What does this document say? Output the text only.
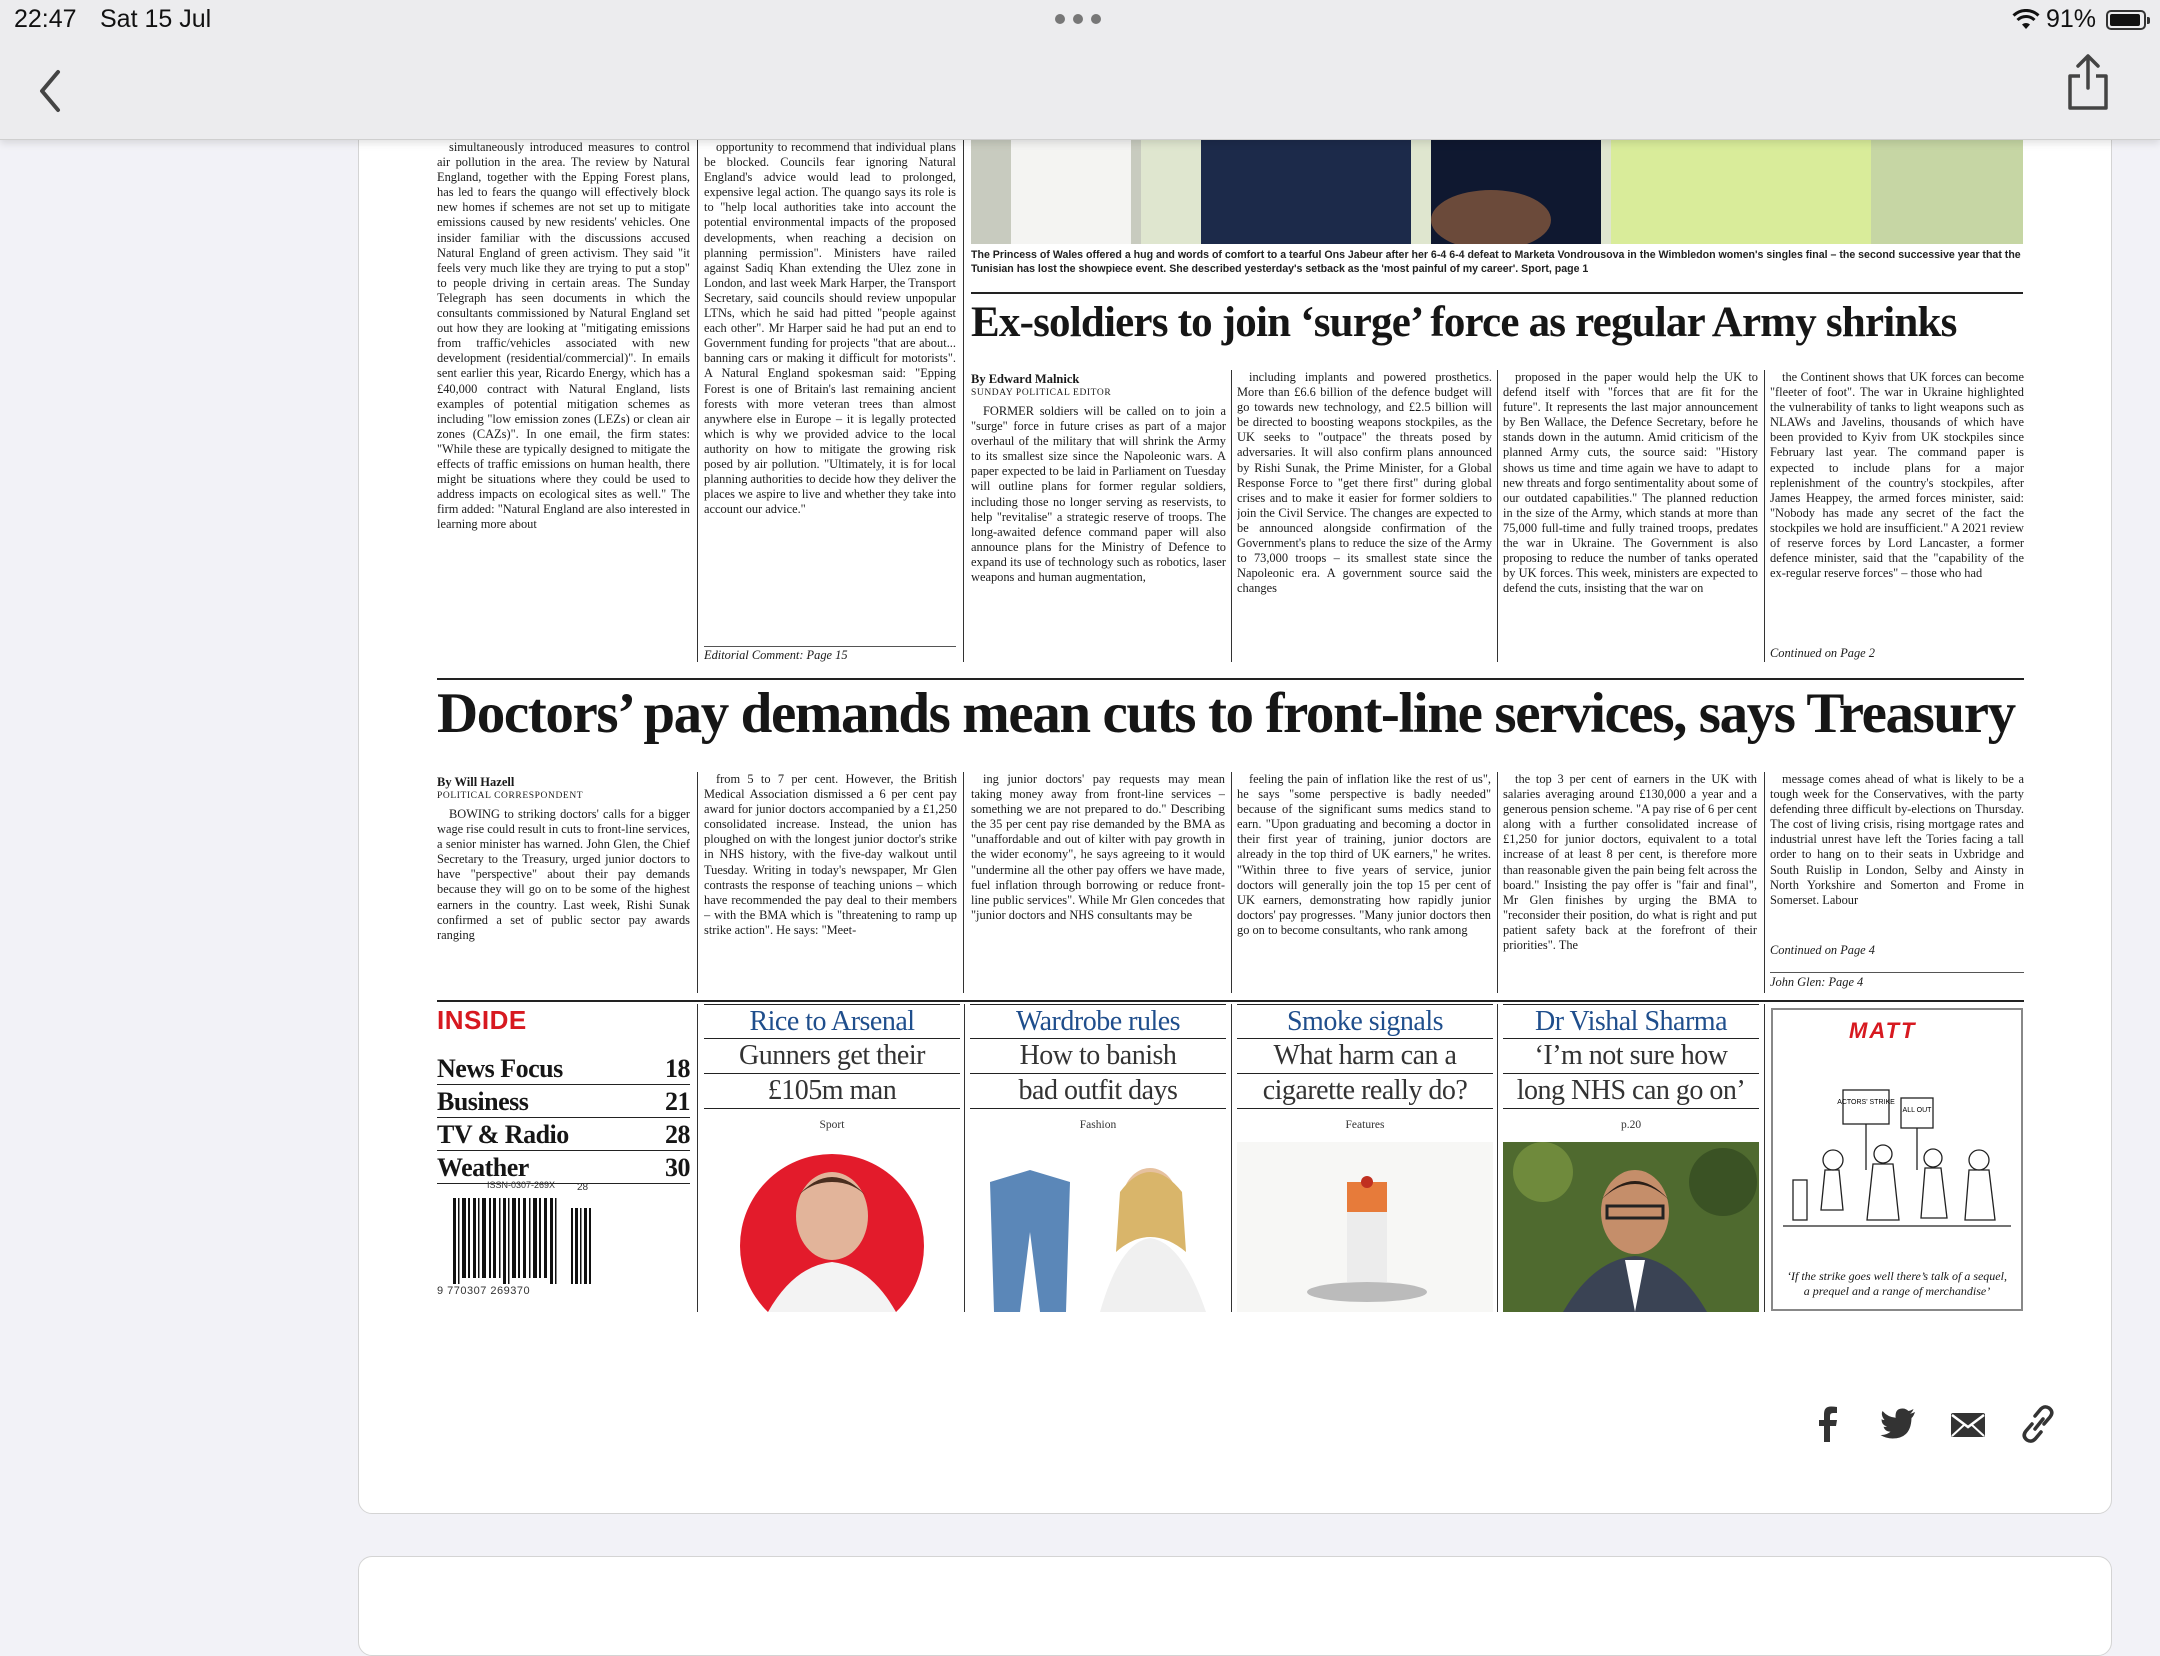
22:47 Sat 15 Jul	91%

simultaneously introduced measures to control air pollution in the area. The review by Natural England, together with the Epping Forest plans, has led to fears the quango will effectively block new homes if schemes are not set up to mitigate emissions caused by new residents' vehicles. One insider familiar with the discussions accused Natural England of green activism. They said "it feels very much like they are trying to put a stop" to people driving in certain areas. The Sunday Telegraph has seen documents in which the consultants commissioned by Natural England set out how they are looking at "mitigating emissions from traffic/vehicles associated with new development (residential/commercial)". In emails sent earlier this year, Ricardo Energy, which has a £40,000 contract with Natural England, lists examples of potential mitigation schemes as including "low emission zones (LEZs) or clean air zones (CAZs)". In one email, the firm states: "While these are typically designed to mitigate the effects of traffic emissions on human health, there might be situations where they could be used to address impacts on ecological sites as well." The firm added: "Natural England are also interested in learning more about

opportunity to recommend that individual plans be blocked. Councils fear ignoring Natural England's advice would lead to prolonged, expensive legal action. The quango says its role is to "help local authorities take into account the potential environmental impacts of the proposed developments, when reaching a decision on planning permission". Ministers have railed against Sadiq Khan extending the Ulez zone in London, and last week Mark Harper, the Transport Secretary, said councils should review unpopular LTNs, which he said had pitted "people against each other". Mr Harper said he had put an end to Government funding for projects "that are about... banning cars or making it difficult for motorists". A Natural England spokesman said: "Epping Forest is one of Britain's last remaining ancient forests with more veteran trees than almost anywhere else in Europe – it is legally protected which is why we provided advice to the local authority on how to mitigate the growing risk posed by air pollution. "Ultimately, it is for local planning authorities to decide how they deliver the places we aspire to live and whether they take into account our advice."

Editorial Comment: Page 15
The Princess of Wales offered a hug and words of comfort to a tearful Ons Jabeur after her 6-4 6-4 defeat to Marketa Vondrousova in the Wimbledon women's singles final – the second successive year that the Tunisian has lost the showpiece event. She described yesterday's setback as the 'most painful of my career'. Sport, page 1
Ex-soldiers to join ‘surge’ force as regular Army shrinks
By Edward Malnick
SUNDAY POLITICAL EDITOR

FORMER soldiers will be called on to join a "surge" force in future crises as part of a major overhaul of the military that will shrink the Army to its smallest size since the Napoleonic wars. A paper expected to be laid in Parliament on Tuesday will outline plans for former regular soldiers, including those no longer serving as reservists, to help "revitalise" a strategic reserve of troops. The long-awaited defence command paper will also announce plans for the Ministry of Defence to expand its use of technology such as robotics, laser weapons and human augmentation,

including implants and powered prosthetics. More than £6.6 billion of the defence budget will go towards new technology, and £2.5 billion will be directed to boosting weapons stockpiles, as the UK seeks to "outpace" the threats posed by adversaries. It will also confirm plans announced by Rishi Sunak, the Prime Minister, for a Global Response Force to "get there first" during global crises and to make it easier for former soldiers to join the Civil Service. The changes are expected to be announced alongside confirmation of the Government's plans to reduce the size of the Army to 73,000 troops – its smallest state since the Napoleonic era. A government source said the changes

proposed in the paper would help the UK to defend itself with "forces that are fit for the future". It represents the last major announcement by Ben Wallace, the Defence Secretary, before he stands down in the autumn. Amid criticism of the planned Army cuts, the source said: "History shows us time and time again we have to adapt to new threats and forgo sentimentality about some of our outdated capabilities." The planned reduction in the size of the Army, which stands at more than 75,000 full-time and fully trained troops, predates the war in Ukraine. The Government is also proposing to reduce the number of tanks operated by UK forces. This week, ministers are expected to defend the cuts, insisting that the war on

the Continent shows that UK forces can become "fleeter of foot". The war in Ukraine highlighted the vulnerability of tanks to light weapons such as NLAWs and Javelins, thousands of which have been provided to Kyiv from UK stockpiles since February last year. The command paper is expected to include plans for a major replenishment of the country's stockpiles, after James Heappey, the armed forces minister, said: "Nobody has made any secret of the fact the stockpiles we hold are insufficient." A 2021 review of reserve forces by Lord Lancaster, a former defence minister, said that the "capability of the ex-regular reserve forces" – those who had

Continued on Page 2
Doctors’ pay demands mean cuts to front-line services, says Treasury
By Will Hazell
POLITICAL CORRESPONDENT

BOWING to striking doctors' calls for a bigger wage rise could result in cuts to front-line services, a senior minister has warned. John Glen, the Chief Secretary to the Treasury, urged junior doctors to have "perspective" about their pay demands because they will go on to be some of the highest earners in the country. Last week, Rishi Sunak confirmed a set of public sector pay awards ranging

from 5 to 7 per cent. However, the British Medical Association dismissed a 6 per cent pay award for junior doctors accompanied by a £1,250 consolidated increase. Instead, the union has ploughed on with the longest junior doctor's strike in NHS history, with the five-day walkout until Tuesday. Writing in today's newspaper, Mr Glen contrasts the response of teaching unions – which have recommended the pay deal to their members – with the BMA which is "threatening to ramp up strike action". He says: "Meet-

ing junior doctors' pay requests may mean taking money away from front-line services – something we are not prepared to do." Describing the 35 per cent pay rise demanded by the BMA as "unaffordable and out of kilter with pay growth in the wider economy", he says agreeing to it would "undermine all the other pay offers we have made, fuel inflation through borrowing or reduce front-line public services". While Mr Glen concedes that "junior doctors and NHS consultants may be

feeling the pain of inflation like the rest of us", he says "some perspective is badly needed" because of the significant sums medics stand to earn. "Upon graduating and becoming a doctor in their first year of training, junior doctors are already in the top third of UK earners," he writes. "Within three to five years of service, junior doctors will generally join the top 15 per cent of UK earners, demonstrating how rapidly junior doctors' pay progresses. "Many junior doctors then go on to become consultants, who rank among

the top 3 per cent of earners in the UK with salaries averaging around £130,000 a year and a generous pension scheme. "A pay rise of 6 per cent along with a further consolidated increase of £1,250 for junior doctors, equivalent to a total increase of at least 8 per cent, is therefore more than reasonable given the pain being felt across the board." Insisting the pay offer is "fair and final", Mr Glen finishes by urging the BMA to "reconsider their position, do what is right and put patient safety back at the forefront of their priorities". The

message comes ahead of what is likely to be a tough week for the Conservatives, with the party defending three difficult by-elections on Thursday. The cost of living crisis, rising mortgage rates and industrial unrest have left the Tories facing a tall order to hang on to their seats in Uxbridge and South Ruislip in London, Selby and Ainsty in North Yorkshire and Somerton and Frome in Somerset. Labour

Continued on Page 4
John Glen: Page 4
INSIDE
News Focus	18
Business	21
TV & Radio	28
Weather	30
ISSN-0307-269X
9 770307 269370
28
Rice to Arsenal
Gunners get their
£105m man
Sport
Wardrobe rules
How to banish
bad outfit days
Fashion
Smoke signals
What harm can a
cigarette really do?
Features
Dr Vishal Sharma
‘I’m not sure how
long NHS can go on’
p.20
MATT
ACTORS' STRIKE
ALL OUT
‘If the strike goes well there’s talk of a sequel, a prequel and a range of merchandise’
